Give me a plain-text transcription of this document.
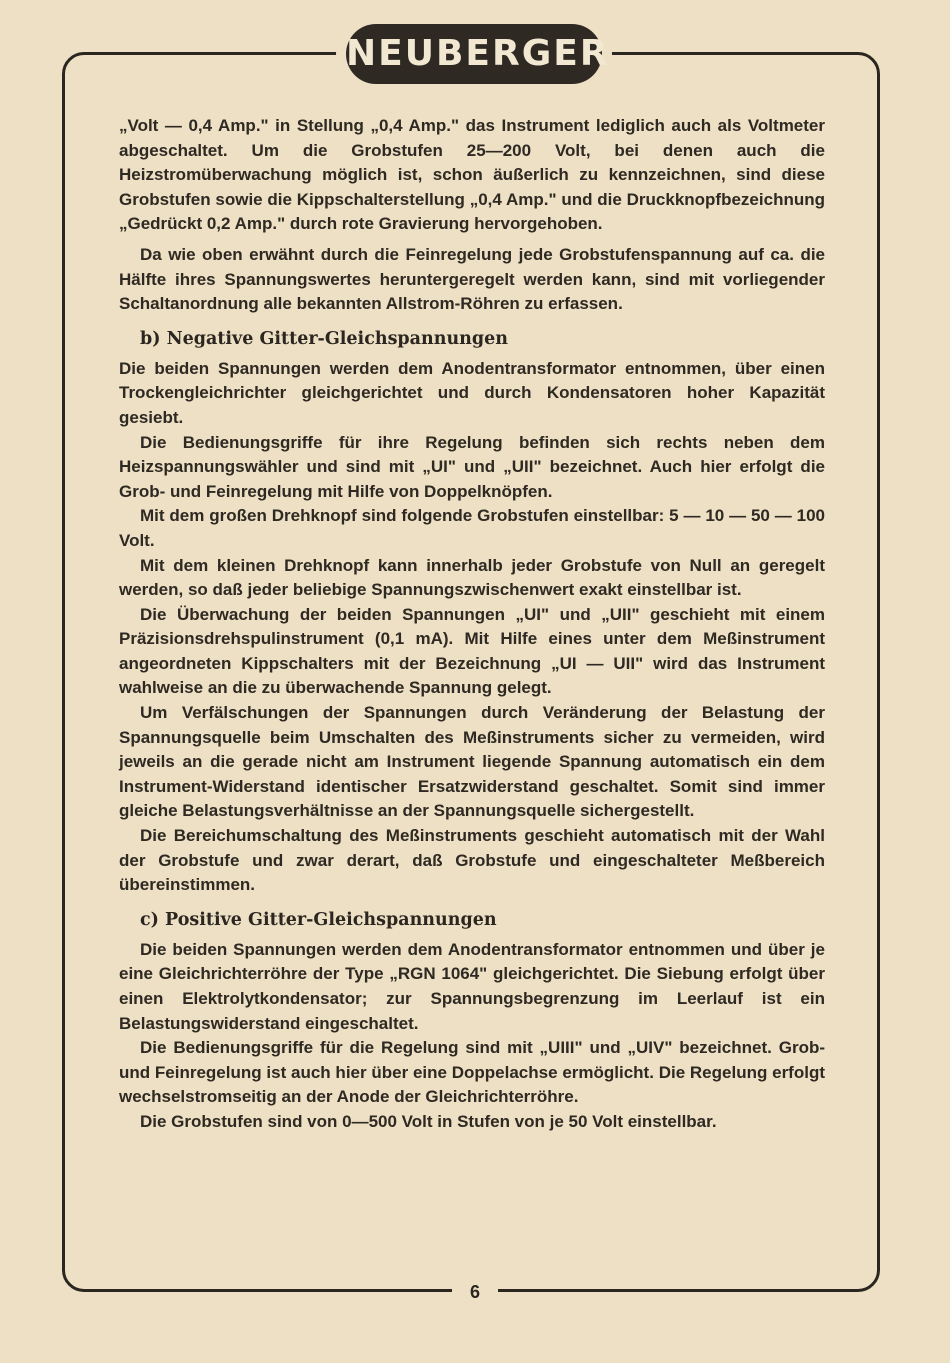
NEUBERGER

„Volt — 0,4 Amp." in Stellung „0,4 Amp." das Instrument lediglich auch als Voltmeter abgeschaltet. Um die Grobstufen 25—200 Volt, bei denen auch die Heizstromüberwachung möglich ist, schon äußerlich zu kennzeichnen, sind diese Grobstufen sowie die Kippschalterstellung „0,4 Amp." und die Druckknopfbezeichnung „Gedrückt 0,2 Amp." durch rote Gravierung hervorgehoben.

Da wie oben erwähnt durch die Feinregelung jede Grobstufenspannung auf ca. die Hälfte ihres Spannungswertes heruntergeregelt werden kann, sind mit vorliegender Schaltanordnung alle bekannten Allstrom-Röhren zu erfassen.

b) Negative Gitter-Gleichspannungen

Die beiden Spannungen werden dem Anodentransformator entnommen, über einen Trockengleichrichter gleichgerichtet und durch Kondensatoren hoher Kapazität gesiebt.

Die Bedienungsgriffe für ihre Regelung befinden sich rechts neben dem Heizspannungswähler und sind mit „UI" und „UII" bezeichnet. Auch hier erfolgt die Grob- und Feinregelung mit Hilfe von Doppelknöpfen.

Mit dem großen Drehknopf sind folgende Grobstufen einstellbar: 5 — 10 — 50 — 100 Volt.

Mit dem kleinen Drehknopf kann innerhalb jeder Grobstufe von Null an geregelt werden, so daß jeder beliebige Spannungszwischenwert exakt einstellbar ist.

Die Überwachung der beiden Spannungen „UI" und „UII" geschieht mit einem Präzisionsdrehspulinstrument (0,1 mA). Mit Hilfe eines unter dem Meßinstrument angeordneten Kippschalters mit der Bezeichnung „UI — UII" wird das Instrument wahlweise an die zu überwachende Spannung gelegt.

Um Verfälschungen der Spannungen durch Veränderung der Belastung der Spannungsquelle beim Umschalten des Meßinstruments sicher zu vermeiden, wird jeweils an die gerade nicht am Instrument liegende Spannung automatisch ein dem Instrument-Widerstand identischer Ersatzwiderstand geschaltet. Somit sind immer gleiche Belastungsverhältnisse an der Spannungsquelle sichergestellt.

Die Bereichumschaltung des Meßinstruments geschieht automatisch mit der Wahl der Grobstufe und zwar derart, daß Grobstufe und eingeschalteter Meßbereich übereinstimmen.

c) Positive Gitter-Gleichspannungen

Die beiden Spannungen werden dem Anodentransformator entnommen und über je eine Gleichrichterröhre der Type „RGN 1064" gleichgerichtet. Die Siebung erfolgt über einen Elektrolytkondensator; zur Spannungsbegrenzung im Leerlauf ist ein Belastungswiderstand eingeschaltet.

Die Bedienungsgriffe für die Regelung sind mit „UIII" und „UIV" bezeichnet. Grob- und Feinregelung ist auch hier über eine Doppelachse ermöglicht. Die Regelung erfolgt wechselstromseitig an der Anode der Gleichrichterröhre.

Die Grobstufen sind von 0—500 Volt in Stufen von je 50 Volt einstellbar.

6
